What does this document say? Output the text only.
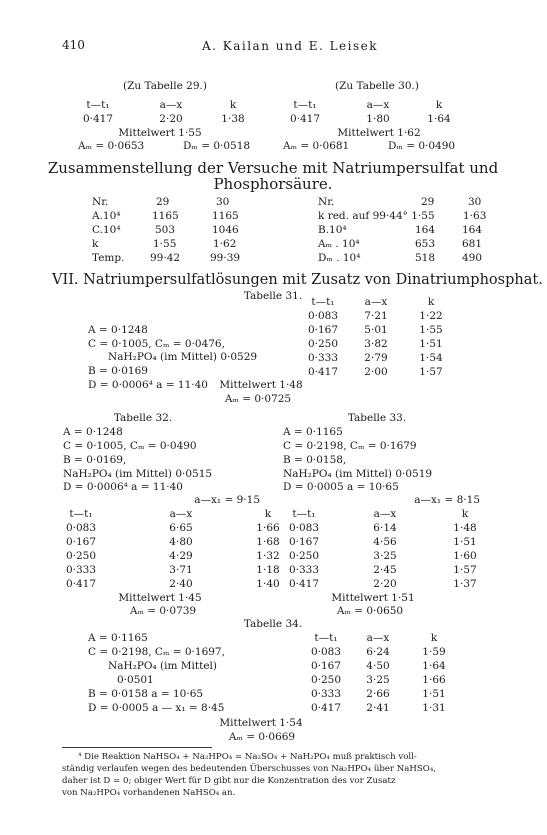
410	A. Kailan und E. Leisek
(Zu Tabelle 29.)
t—t₁	a—x	k
0·417	2·20	1·38
Mittelwert 1·55
Aₘ = 0·0653	Dₘ = 0·0518
(Zu Tabelle 30.)
t—t₁	a—x	k
0·417	1·80	1·64
Mittelwert 1·62
Aₘ = 0·0681	Dₘ = 0·0490
Zusammenstellung der Versuche mit Natriumpersulfat und
Phosphorsäure.
Nr.	29	30
A.10⁴	1165	1165
C.10⁴	503	1046
k	1·55	1·62
Temp. 99·42	99·39
Nr.	29	30
k red. auf 99·44° 1·55	1·63
B.10⁴	164	164
Aₘ . 10⁴	653	681
Dₘ . 10⁴	518	490
VII. Natriumpersulfatlösungen mit Zusatz von Dinatriumphosphat.
Tabelle 31.
A = 0·1248
C = 0·1005, Cₘ = 0·0476,
NaH₂PO₄ (im Mittel) 0·0529
B = 0·0169
D = 0·0006⁴ a = 11·40
t—t₁	a—x	k
0·083	7·21	1·22
0·167	5·01	1·55
0·250	3·82	1·51
0·333	2·79	1·54
0·417	2·00	1·57
Mittelwert 1·48
Aₘ = 0·0725
Tabelle 32.
A = 0·1248
C = 0·1005, Cₘ = 0·0490
B = 0·0169,
NaH₂PO₄ (im Mittel) 0·0515
D = 0·0006⁴ a = 11·40
a—x₁ = 9·15
t—t₁	a—x	k
0·083	6·65	1·66
0·167	4·80	1·68
0·250	4·29	1·32
0·333	3·71	1·18
0·417	2·40	1·40
Mittelwert 1·45
Aₘ = 0·0739
Tabelle 33.
A = 0·1165
C = 0·2198, Cₘ = 0·1679
B = 0·0158,
NaH₂PO₄ (im Mittel) 0·0519
D = 0·0005 a = 10·65
a—x₁ = 8·15
t—t₁	a—x	k
0·083	6·14	1·48
0·167	4·56	1·51
0·250	3·25	1·60
0·333	2·45	1·57
0·417	2·20	1·37
Mittelwert 1·51
Aₘ = 0·0650
Tabelle 34.
A = 0·1165
C = 0·2198, Cₘ = 0·1697,
NaH₂PO₄ (im Mittel)
0·0501
B = 0·0158 a = 10·65
D = 0·0005 a — x₁ = 8·45
t—t₁	a—x	k
0·083 6·24	1·59
0·167 4·50	1·64
0·250 3·25	1·66
0·333 2·66	1·51
0·417 2·41	1·31
Mittelwert 1·54
Aₘ = 0·0669
⁴ Die Reaktion NaHSO₄ + Na₂HPO₄ = Na₂SO₄ + NaH₂PO₄ muß praktisch voll-
ständig verlaufen wegen des bedeutenden Überschusses von Na₂HPO₄ über NaHSO₄,
daher ist D = 0; obiger Wert für D gibt nur die Konzentration des vor Zusatz
von Na₂HPO₄ vorhandenen NaHSO₄ an.
